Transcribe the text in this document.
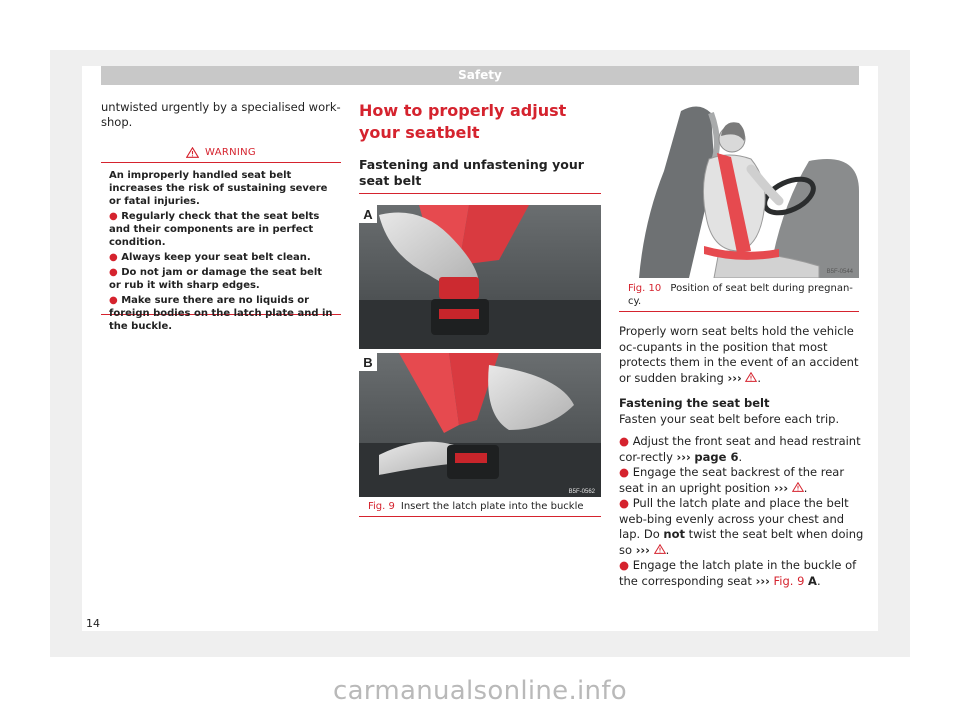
Safety

untwisted urgently by a specialised work-shop.

WARNING
An improperly handled seat belt increases the risk of sustaining severe or fatal injuries.
● Regularly check that the seat belts and their components are in perfect condition.
● Always keep your seat belt clean.
● Do not jam or damage the seat belt or rub it with sharp edges.
● Make sure there are no liquids or foreign bodies on the latch plate and in the buckle.

How to properly adjust your seatbelt

Fastening and unfastening your seat belt

A
B
B5F-0562
Fig. 9 Insert the latch plate into the buckle
B5F-0544
Fig. 10 Position of seat belt during pregnan-cy.

Properly worn seat belts hold the vehicle oc-cupants in the position that most protects them in the event of an accident or sudden braking ››› .

Fastening the seat belt

Fasten your seat belt before each trip.

● Adjust the front seat and head restraint cor-rectly ››› page 6.

● Engage the seat backrest of the rear seat in an upright position ››› .

● Pull the latch plate and place the belt web-bing evenly across your chest and lap. Do not twist the seat belt when doing so ››› .

● Engage the latch plate in the buckle of the corresponding seat ››› Fig. 9 A.

14
carmanualsonline.info
